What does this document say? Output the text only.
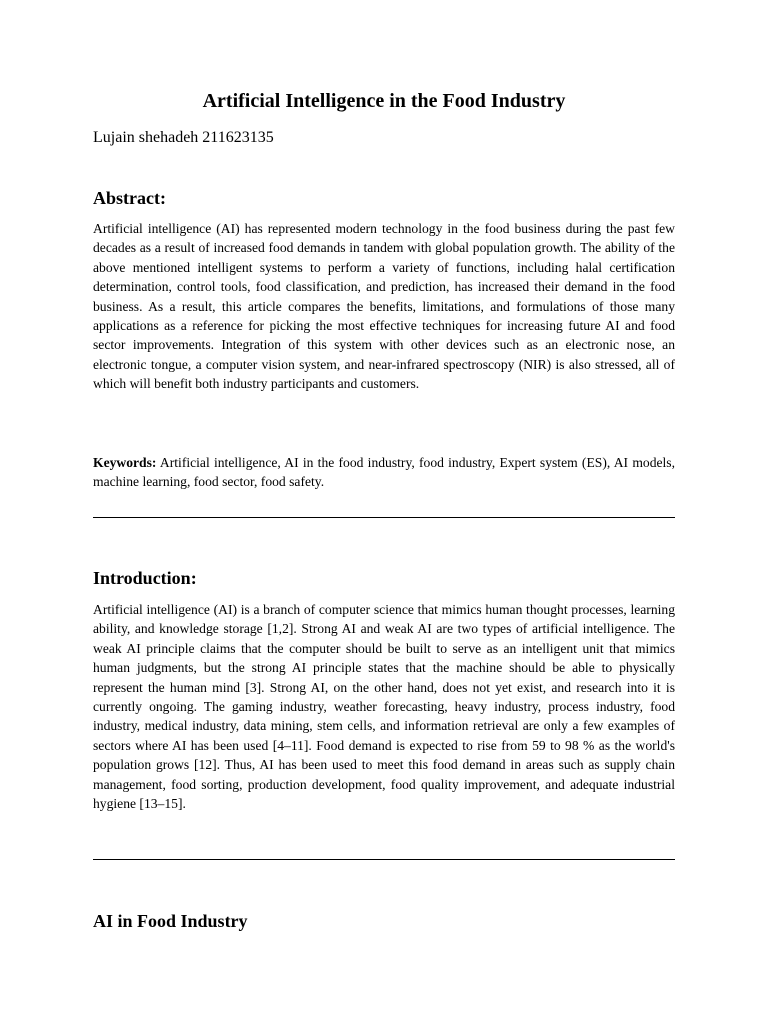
Artificial Intelligence in the Food Industry

Lujain shehadeh 211623135

Abstract:

Artificial intelligence (AI) has represented modern technology in the food business during the past few decades as a result of increased food demands in tandem with global population growth. The ability of the above mentioned intelligent systems to perform a variety of functions, including halal certification determination, control tools, food classification, and prediction, has increased their demand in the food business. As a result, this article compares the benefits, limitations, and formulations of those many applications as a reference for picking the most effective techniques for increasing future AI and food sector improvements. Integration of this system with other devices such as an electronic nose, an electronic tongue, a computer vision system, and near-infrared spectroscopy (NIR) is also stressed, all of which will benefit both industry participants and customers.

Keywords: Artificial intelligence, AI in the food industry, food industry, Expert system (ES), AI models, machine learning, food sector, food safety.

Introduction:

Artificial intelligence (AI) is a branch of computer science that mimics human thought processes, learning ability, and knowledge storage [1,2]. Strong AI and weak AI are two types of artificial intelligence. The weak AI principle claims that the computer should be built to serve as an intelligent unit that mimics human judgments, but the strong AI principle states that the machine should be able to physically represent the human mind [3]. Strong AI, on the other hand, does not yet exist, and research into it is currently ongoing. The gaming industry, weather forecasting, heavy industry, process industry, food industry, medical industry, data mining, stem cells, and information retrieval are only a few examples of sectors where AI has been used [4–11]. Food demand is expected to rise from 59 to 98 % as the world's population grows [12]. Thus, AI has been used to meet this food demand in areas such as supply chain management, food sorting, production development, food quality improvement, and adequate industrial hygiene [13–15].

AI in Food Industry
